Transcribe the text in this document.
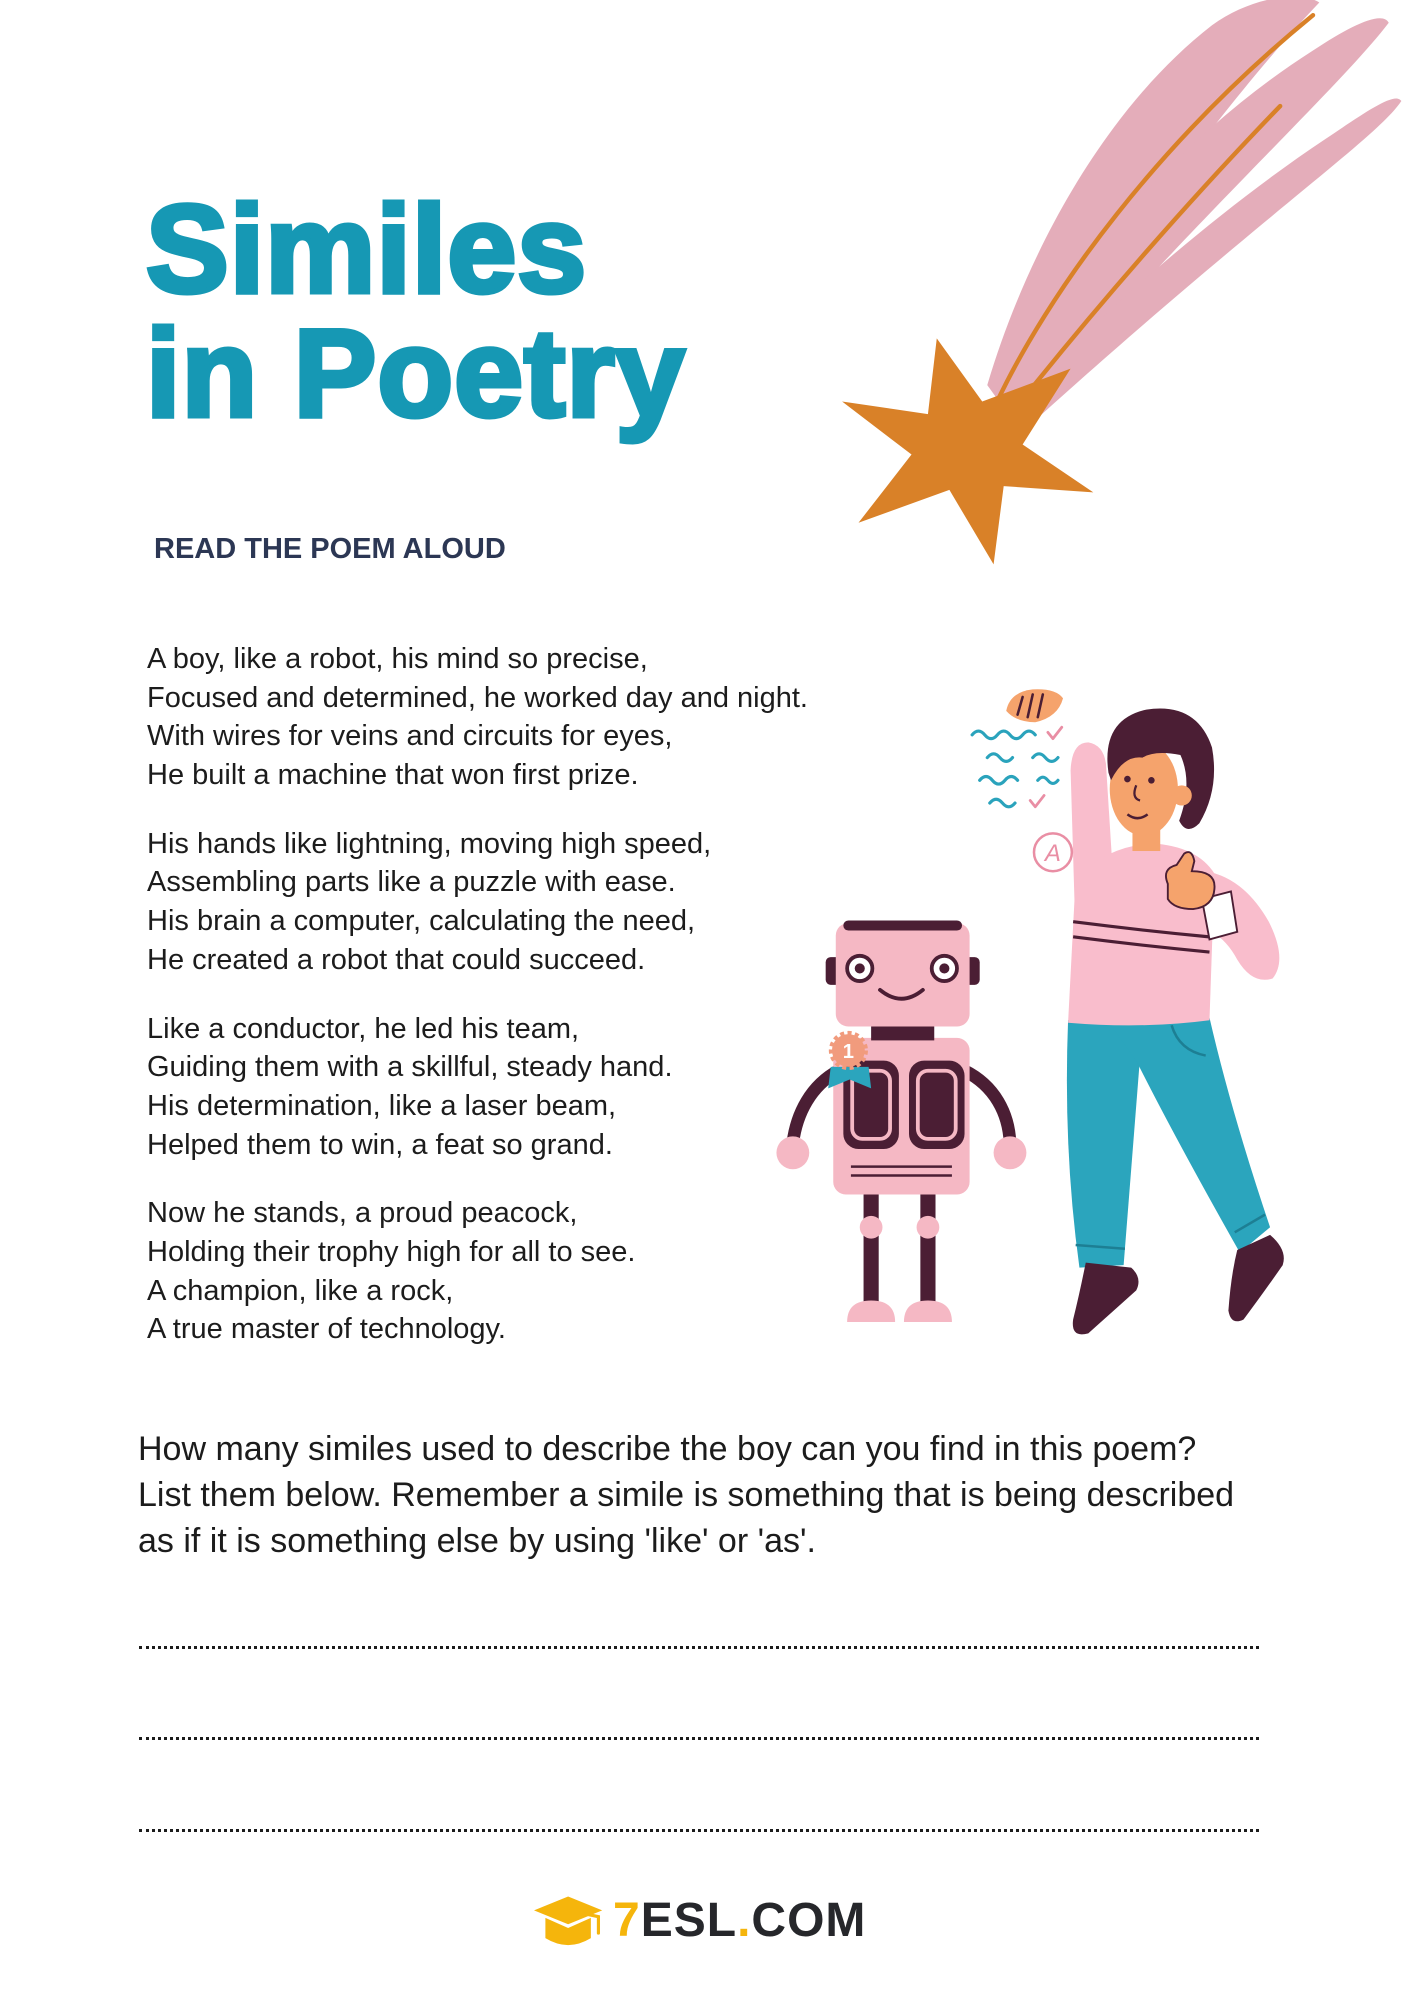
1
A
Similes
in Poetry
READ THE POEM ALOUD
A boy, like a robot, his mind so precise,
Focused and determined, he worked day and night.
With wires for veins and circuits for eyes,
He built a machine that won first prize.
His hands like lightning, moving high speed,
Assembling parts like a puzzle with ease.
His brain a computer, calculating the need,
He created a robot that could succeed.
Like a conductor, he led his team,
Guiding them with a skillful, steady hand.
His determination, like a laser beam,
Helped them to win, a feat so grand.
Now he stands, a proud peacock,
Holding their trophy high for all to see.
A champion, like a rock,
A true master of technology.
How many similes used to describe the boy can you find in this poem?
List them below. Remember a simile is something that is being described
as if it is something else by using 'like' or 'as'.
7ESL.COM
